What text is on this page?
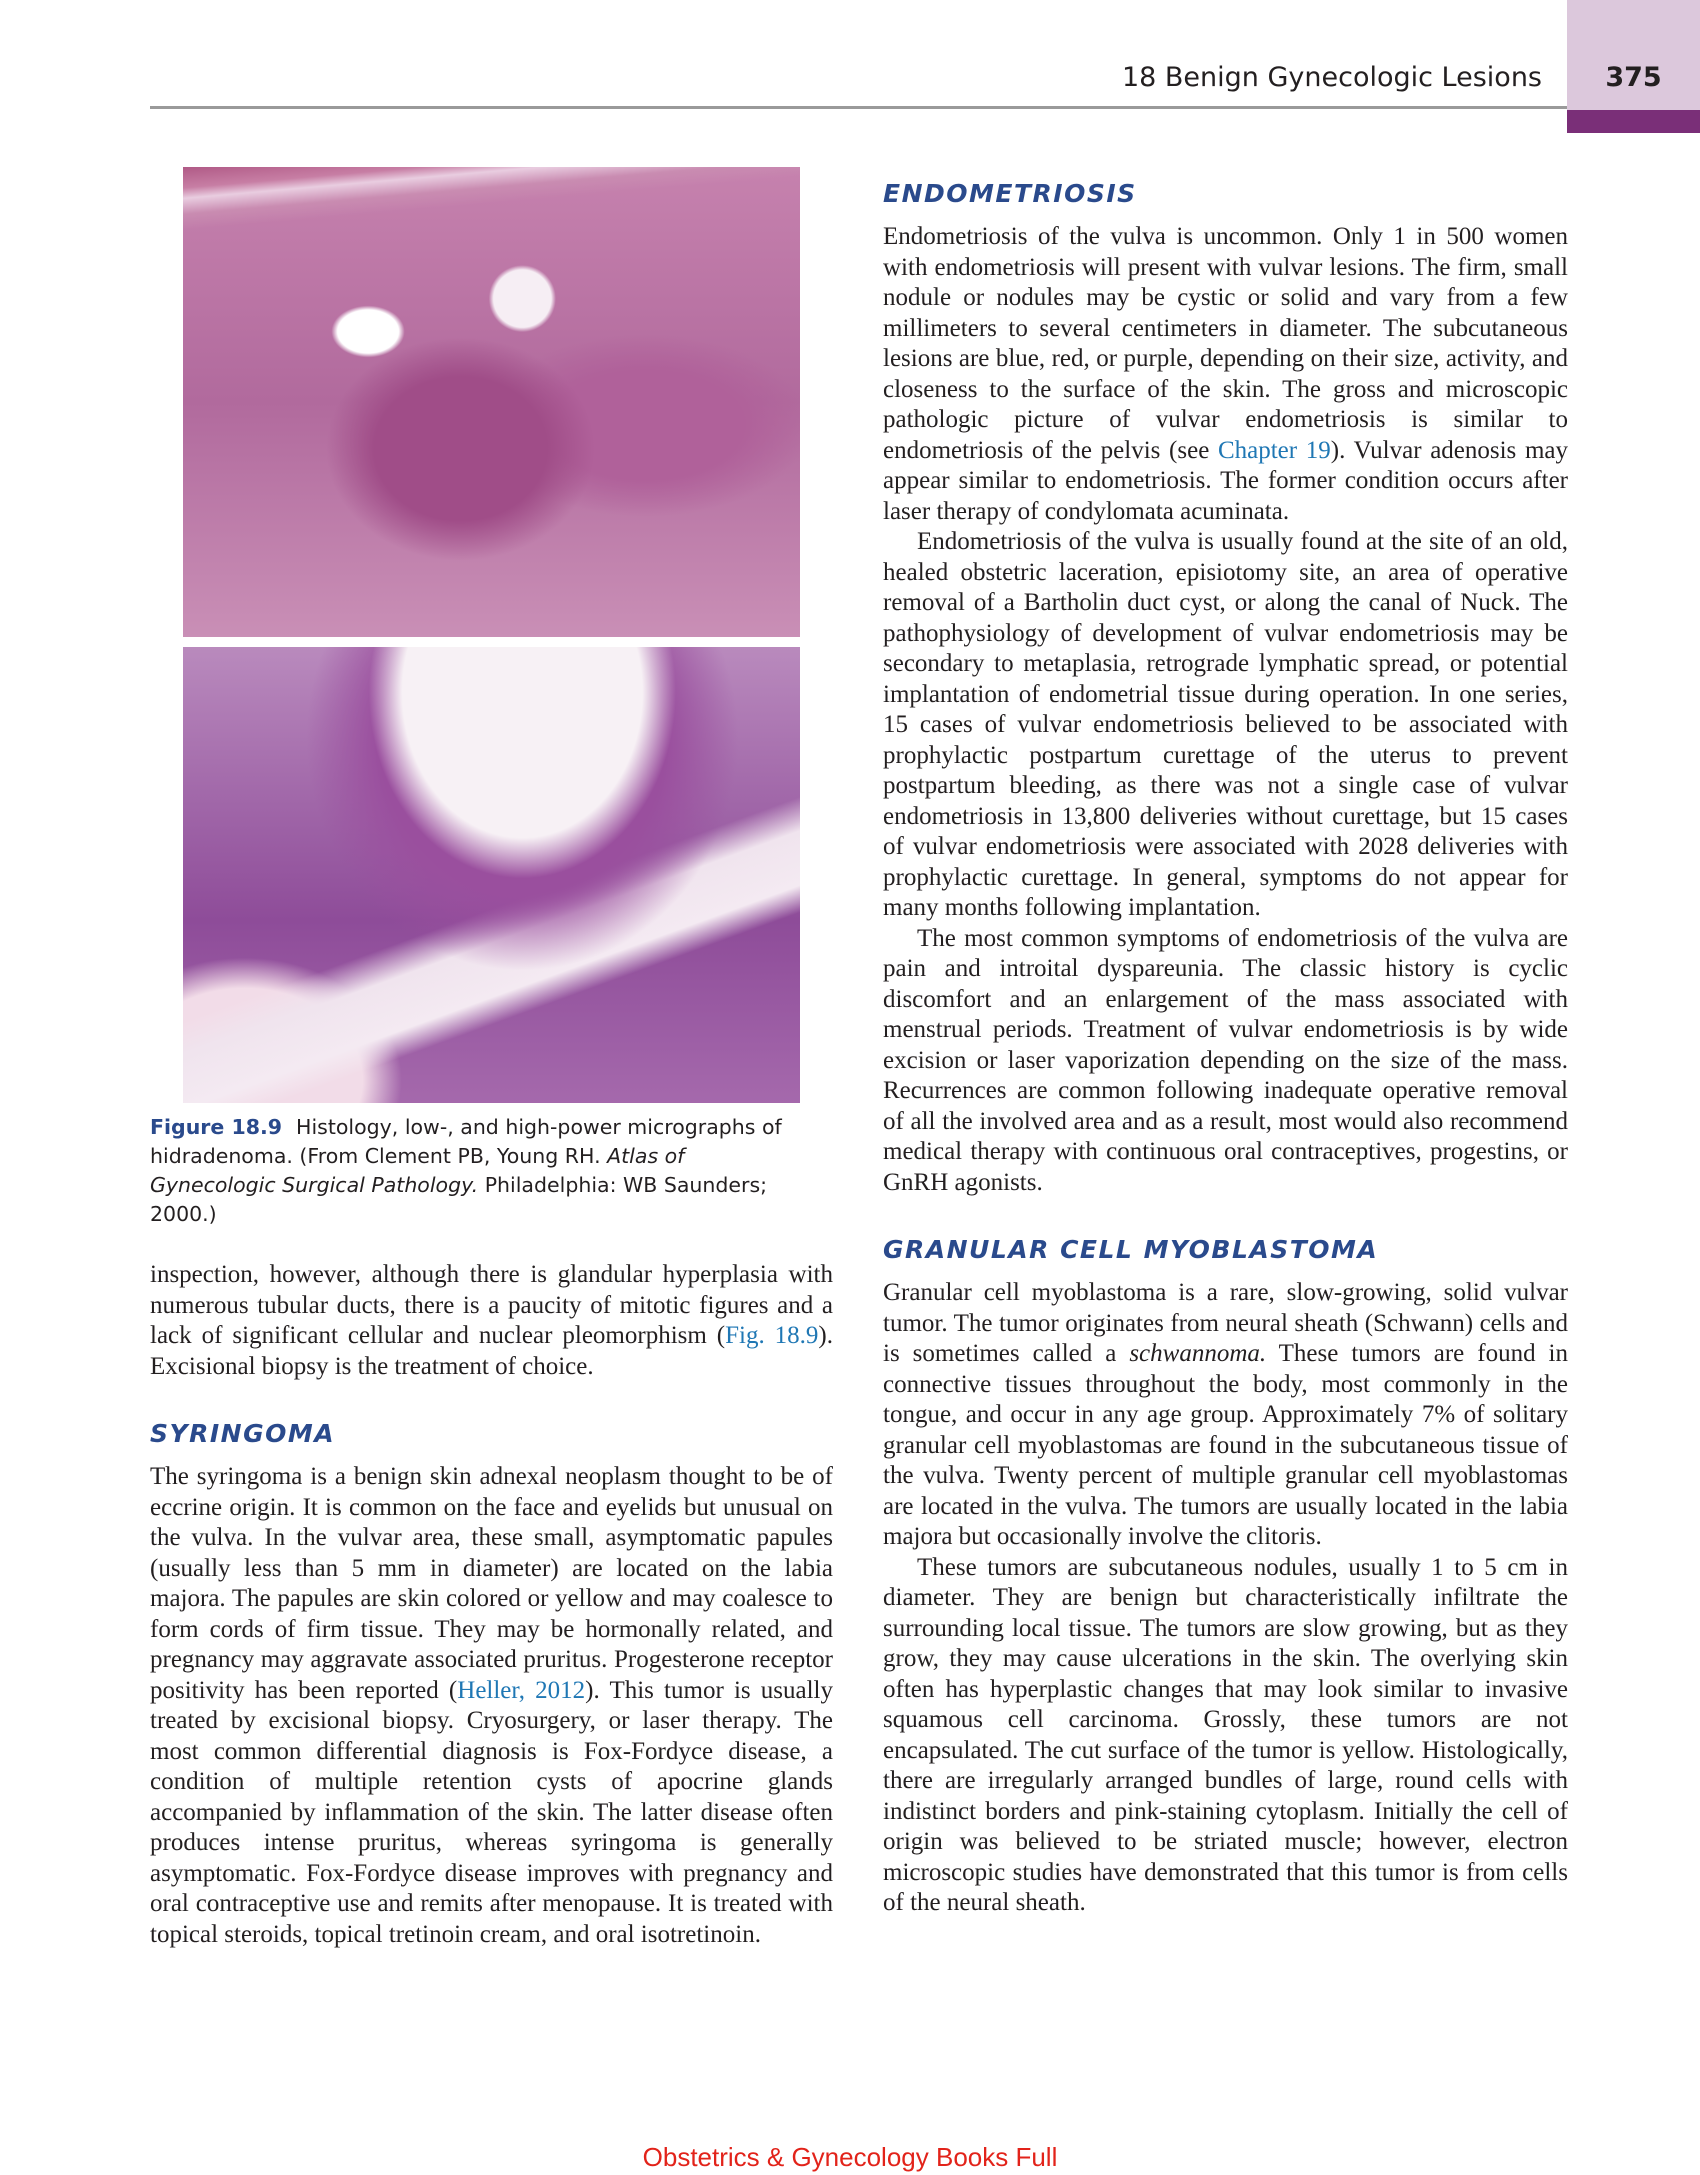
18 Benign Gynecologic Lesions	375
Figure 18.9 Histology, low-, and high-power micrographs of hidradenoma. (From Clement PB, Young RH. Atlas of Gynecologic Surgical Pathology. Philadelphia: WB Saunders; 2000.)

inspection, however, although there is glandular hyperplasia with numerous tubular ducts, there is a paucity of mitotic figures and a lack of significant cellular and nuclear pleomorphism (Fig. 18.9). Excisional biopsy is the treatment of choice.

SYRINGOMA

The syringoma is a benign skin adnexal neoplasm thought to be of eccrine origin. It is common on the face and eyelids but unusual on the vulva. In the vulvar area, these small, asymptomatic papules (usually less than 5 mm in diameter) are located on the labia majora. The papules are skin colored or yellow and may coalesce to form cords of firm tissue. They may be hormonally related, and pregnancy may aggravate associated pruritus. Progesterone receptor positivity has been reported (Heller, 2012). This tumor is usually treated by excisional biopsy. Cryosurgery, or laser therapy. The most common differential diagnosis is Fox-Fordyce disease, a condition of multiple retention cysts of apocrine glands accompanied by inflammation of the skin. The latter disease often produces intense pruritus, whereas syringoma is generally asymptomatic. Fox-Fordyce disease improves with pregnancy and oral contraceptive use and remits after menopause. It is treated with topical steroids, topical tretinoin cream, and oral isotretinoin.

ENDOMETRIOSIS

Endometriosis of the vulva is uncommon. Only 1 in 500 women with endometriosis will present with vulvar lesions. The firm, small nodule or nodules may be cystic or solid and vary from a few millimeters to several centimeters in diameter. The subcutaneous lesions are blue, red, or purple, depending on their size, activity, and closeness to the surface of the skin. The gross and microscopic pathologic picture of vulvar endometriosis is similar to endometriosis of the pelvis (see Chapter 19). Vulvar adenosis may appear similar to endometriosis. The former condition occurs after laser therapy of condylomata acuminata.

Endometriosis of the vulva is usually found at the site of an old, healed obstetric laceration, episiotomy site, an area of operative removal of a Bartholin duct cyst, or along the canal of Nuck. The pathophysiology of development of vulvar endometriosis may be secondary to metaplasia, retrograde lymphatic spread, or potential implantation of endometrial tissue during operation. In one series, 15 cases of vulvar endometriosis believed to be associated with prophylactic postpartum curettage of the uterus to prevent postpartum bleeding, as there was not a single case of vulvar endometriosis in 13,800 deliveries without curettage, but 15 cases of vulvar endometriosis were associated with 2028 deliveries with prophylactic curettage. In general, symptoms do not appear for many months following implantation.

The most common symptoms of endometriosis of the vulva are pain and introital dyspareunia. The classic history is cyclic discomfort and an enlargement of the mass associated with menstrual periods. Treatment of vulvar endometriosis is by wide excision or laser vaporization depending on the size of the mass. Recurrences are common following inadequate operative removal of all the involved area and as a result, most would also recommend medical therapy with continuous oral contraceptives, progestins, or GnRH agonists.

GRANULAR CELL MYOBLASTOMA

Granular cell myoblastoma is a rare, slow-growing, solid vulvar tumor. The tumor originates from neural sheath (Schwann) cells and is sometimes called a schwannoma. These tumors are found in connective tissues throughout the body, most commonly in the tongue, and occur in any age group. Approximately 7% of solitary granular cell myoblastomas are found in the subcutaneous tissue of the vulva. Twenty percent of multiple granular cell myoblastomas are located in the vulva. The tumors are usually located in the labia majora but occasionally involve the clitoris.

These tumors are subcutaneous nodules, usually 1 to 5 cm in diameter. They are benign but characteristically infiltrate the surrounding local tissue. The tumors are slow growing, but as they grow, they may cause ulcerations in the skin. The overlying skin often has hyperplastic changes that may look similar to invasive squamous cell carcinoma. Grossly, these tumors are not encapsulated. The cut surface of the tumor is yellow. Histologically, there are irregularly arranged bundles of large, round cells with indistinct borders and pink-staining cytoplasm. Initially the cell of origin was believed to be striated muscle; however, electron microscopic studies have demonstrated that this tumor is from cells of the neural sheath.

Obstetrics & Gynecology Books Full
